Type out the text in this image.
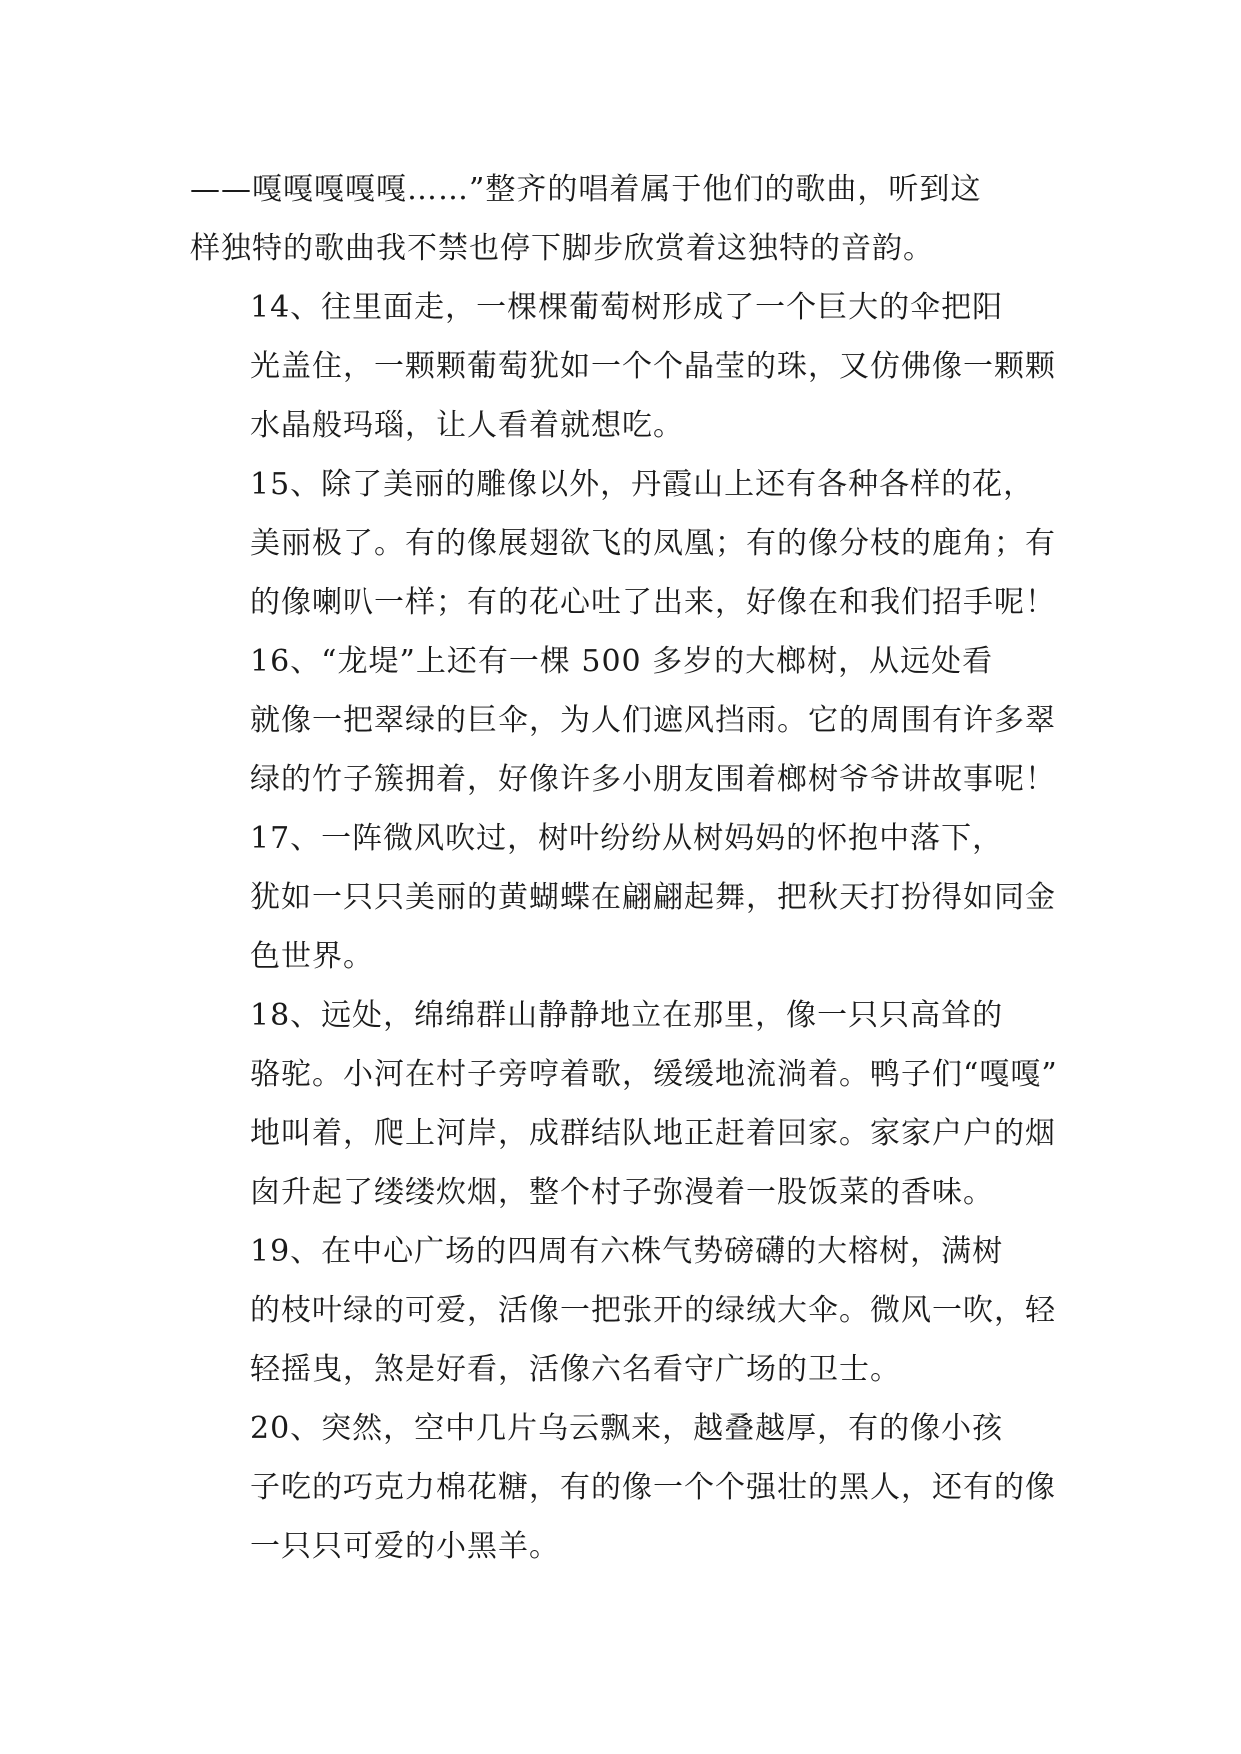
——嘎嘎嘎嘎嘎……”整齐的唱着属于他们的歌曲，听到这
样独特的歌曲我不禁也停下脚步欣赏着这独特的音韵。

14、往里面走，一棵棵葡萄树形成了一个巨大的伞把阳
光盖住，一颗颗葡萄犹如一个个晶莹的珠，又仿佛像一颗颗
水晶般玛瑙，让人看着就想吃。

15、除了美丽的雕像以外，丹霞山上还有各种各样的花，
美丽极了。有的像展翅欲飞的凤凰；有的像分枝的鹿角；有
的像喇叭一样；有的花心吐了出来，好像在和我们招手呢！

16、“龙堤”上还有一棵 500 多岁的大榔树，从远处看
就像一把翠绿的巨伞，为人们遮风挡雨。它的周围有许多翠
绿的竹子簇拥着，好像许多小朋友围着榔树爷爷讲故事呢！

17、一阵微风吹过，树叶纷纷从树妈妈的怀抱中落下，
犹如一只只美丽的黄蝴蝶在翩翩起舞，把秋天打扮得如同金
色世界。

18、远处，绵绵群山静静地立在那里，像一只只高耸的
骆驼。小河在村子旁哼着歌，缓缓地流淌着。鸭子们“嘎嘎”
地叫着，爬上河岸，成群结队地正赶着回家。家家户户的烟
囱升起了缕缕炊烟，整个村子弥漫着一股饭菜的香味。

19、在中心广场的四周有六株气势磅礴的大榕树，满树
的枝叶绿的可爱，活像一把张开的绿绒大伞。微风一吹，轻
轻摇曳，煞是好看，活像六名看守广场的卫士。

20、突然，空中几片乌云飘来，越叠越厚，有的像小孩
子吃的巧克力棉花糖，有的像一个个强壮的黑人，还有的像
一只只可爱的小黑羊。
